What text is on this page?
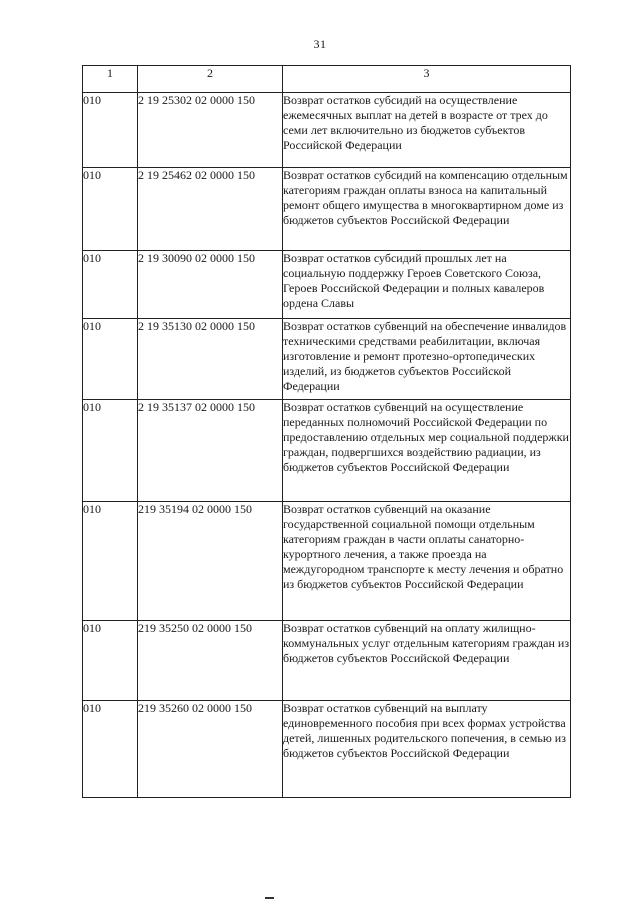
31
1	2	3
010	2 19 25302 02 0000 150	Возврат остатков субсидий на осуществление ежемесячных выплат на детей в возрасте от трех до семи лет включительно из бюджетов субъектов Российской Федерации
010	2 19 25462 02 0000 150	Возврат остатков субсидий на компенсацию отдельным категориям граждан оплаты взноса на капитальный ремонт общего имущества в многоквартирном доме из бюджетов субъектов Российской Федерации
010	2 19 30090 02 0000 150	Возврат остатков субсидий прошлых лет на социальную поддержку Героев Советского Союза, Героев Российской Федерации и полных кавалеров ордена Славы
010	2 19 35130 02 0000 150	Возврат остатков субвенций на обеспечение инвалидов техническими средствами реабилитации, включая изготовление и ремонт протезно-ортопедических изделий, из бюджетов субъектов Российской Федерации
010	2 19 35137 02 0000 150	Возврат остатков субвенций на осуществление переданных полномочий Российской Федерации по предоставлению отдельных мер социальной поддержки граждан, подвергшихся воздействию радиации, из бюджетов субъектов Российской Федерации
010	219 35194 02 0000 150	Возврат остатков субвенций на оказание государственной социальной помощи отдельным категориям граждан в части оплаты санаторно-курортного лечения, а также проезда на междугородном транспорте к месту лечения и обратно из бюджетов субъектов Российской Федерации
010	219 35250 02 0000 150	Возврат остатков субвенций на оплату жилищно-коммунальных услуг отдельным категориям граждан из бюджетов субъектов Российской Федерации
010	219 35260 02 0000 150	Возврат остатков субвенций на выплату единовременного пособия при всех формах устройства детей, лишенных родительского попечения, в семью из бюджетов субъектов Российской Федерации
